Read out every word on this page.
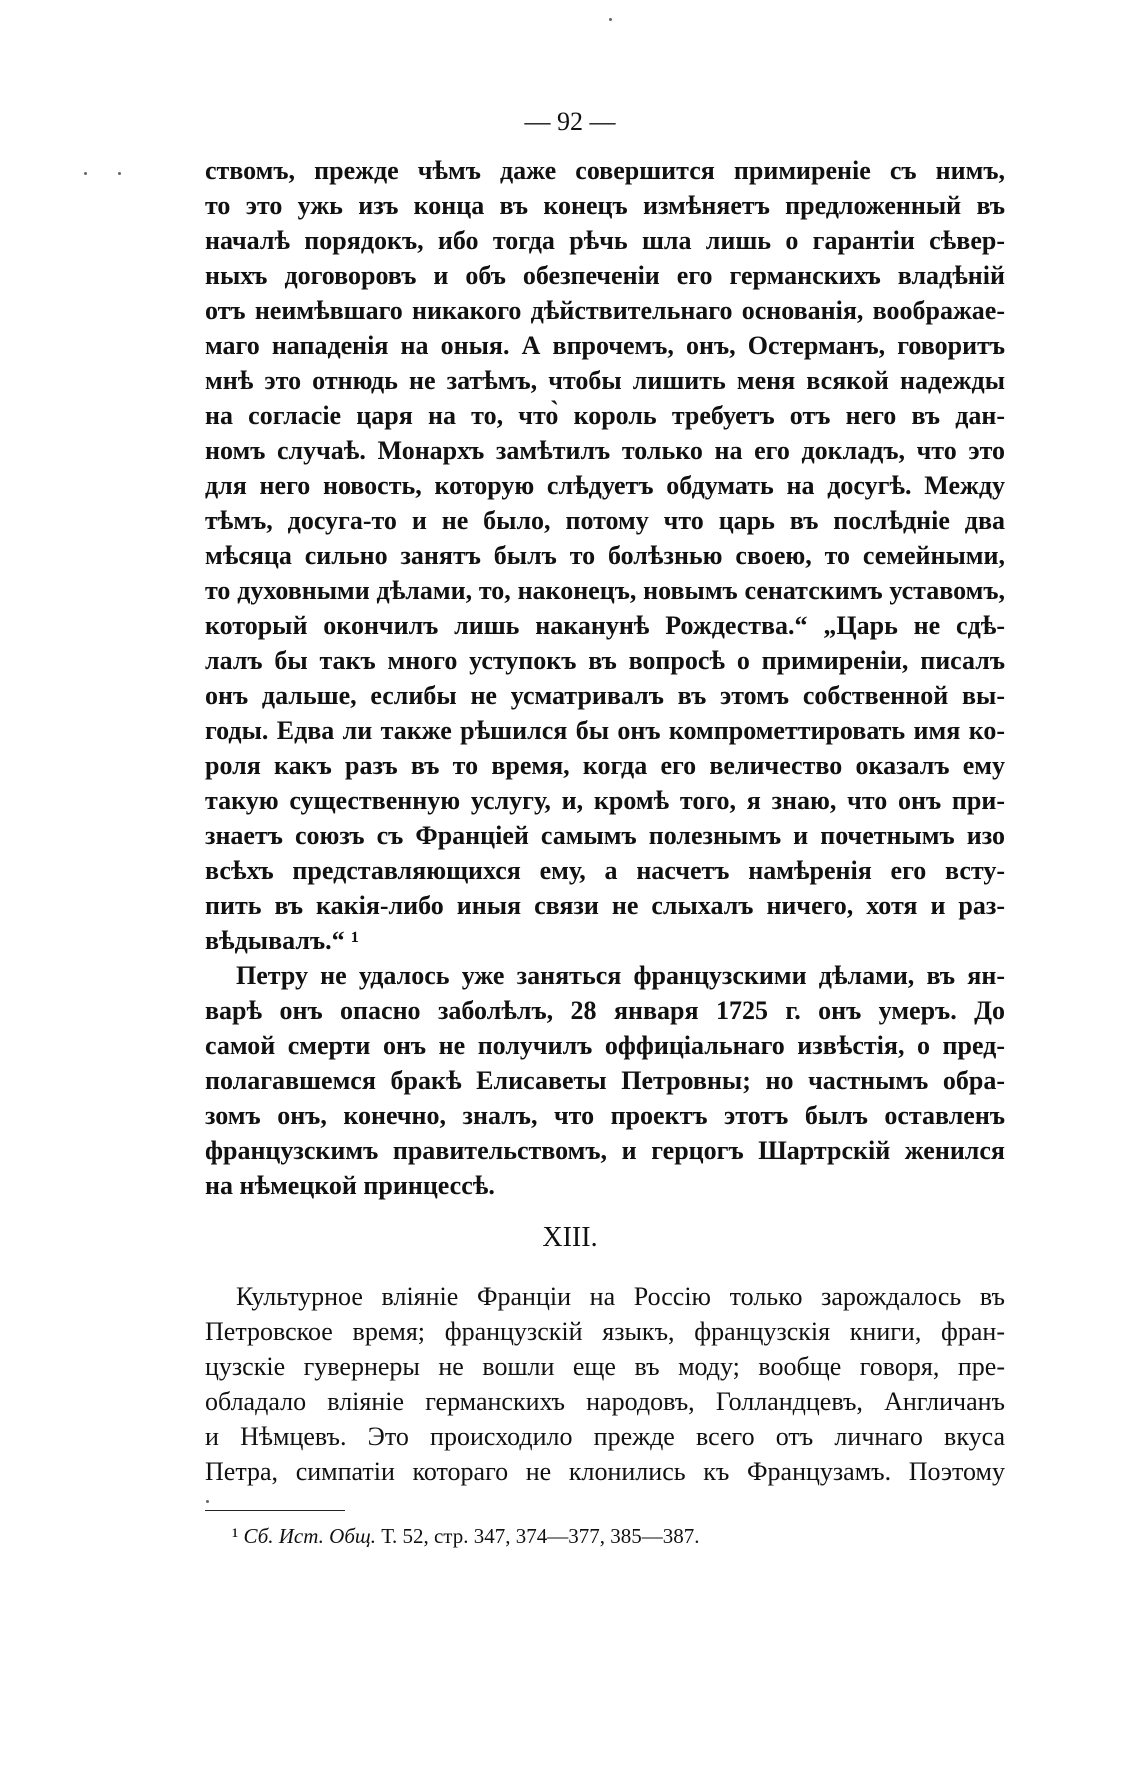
— 92 —
ствомъ, прежде чѣмъ даже совершится примиреніе съ нимъ,
то это ужь изъ конца въ конецъ измѣняетъ предложенный въ
началѣ порядокъ, ибо тогда рѣчь шла лишь о гарантіи сѣвер-
ныхъ договоровъ и объ обезпеченіи его германскихъ владѣній
отъ неимѣвшаго никакого дѣйствительнаго основанія, воображае-
маго нападенія на оныя. А впрочемъ, онъ, Остерманъ, говоритъ
мнѣ это отнюдь не затѣмъ, чтобы лишить меня всякой надежды
на согласіе царя на то, что̀ король требуетъ отъ него въ дан-
номъ случаѣ. Монархъ замѣтилъ только на его докладъ, что это
для него новость, которую слѣдуетъ обдумать на досугѣ. Между
тѣмъ, досуга-то и не было, потому что царь въ послѣдніе два
мѣсяца сильно занятъ былъ то болѣзнью своею, то семейными,
то духовными дѣлами, то, наконецъ, новымъ сенатскимъ уставомъ,
который окончилъ лишь наканунѣ Рождества.“ „Царь не сдѣ-
лалъ бы такъ много уступокъ въ вопросѣ о примиреніи, писалъ
онъ дальше, еслибы не усматривалъ въ этомъ собственной вы-
годы. Едва ли также рѣшился бы онъ компрометтировать имя ко-
роля какъ разъ въ то время, когда его величество оказалъ ему
такую существенную услугу, и, кромѣ того, я знаю, что онъ при-
знаетъ союзъ съ Франціей самымъ полезнымъ и почетнымъ изо
всѣхъ представляющихся ему, а насчетъ намѣренія его всту-
пить въ какія-либо иныя связи не слыхалъ ничего, хотя и раз-
вѣдывалъ.“ ¹
Петру не удалось уже заняться французскими дѣлами, въ ян-
варѣ онъ опасно заболѣлъ, 28 января 1725 г. онъ умеръ. До
самой смерти онъ не получилъ оффиціальнаго извѣстія, о пред-
полагавшемся бракѣ Елисаветы Петровны; но частнымъ обра-
зомъ онъ, конечно, зналъ, что проектъ этотъ былъ оставленъ
французскимъ правительствомъ, и герцогъ Шартрскій женился
на нѣмецкой принцессѣ.
XIII.
Культурное вліяніе Франціи на Россію только зарождалось въ
Петровское время; французскій языкъ, французскія книги, фран-
цузскіе гувернеры не вошли еще въ моду; вообще говоря, пре-
обладало вліяніе германскихъ народовъ, Голландцевъ, Англичанъ
и Нѣмцевъ. Это происходило прежде всего отъ личнаго вкуса
Петра, симпатіи котораго не клонились къ Французамъ. Поэтому
¹ Сб. Ист. Общ. Т. 52, стр. 347, 374—377, 385—387.
